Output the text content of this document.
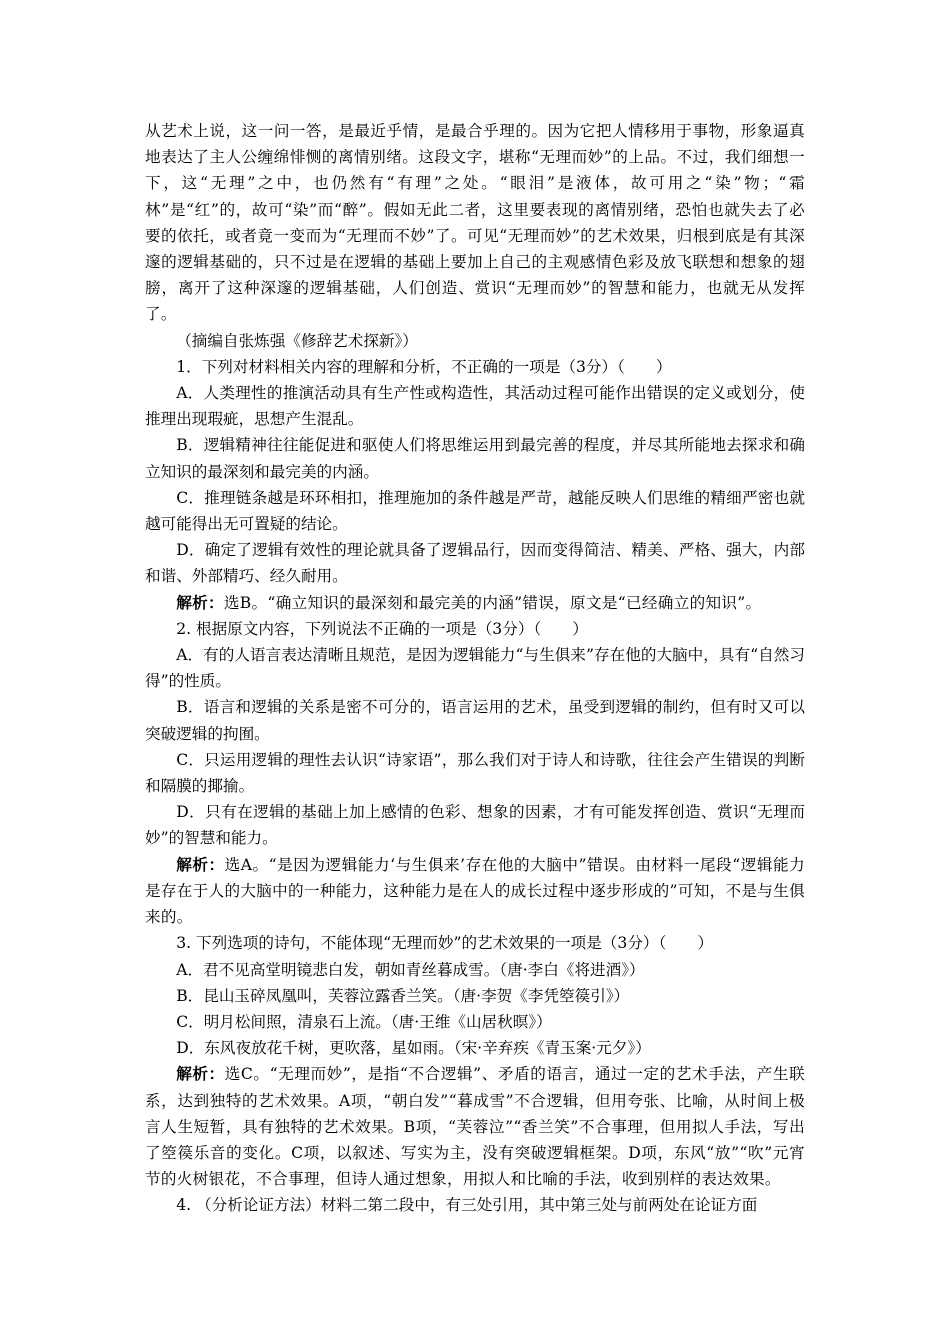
从艺术上说，这一问一答，是最近乎情，是最合乎理的。因为它把人情移用于事物，形象逼真地表达了主人公缠绵悱恻的离情别绪。这段文字，堪称“无理而妙”的上品。不过，我们细想一下，这“无理”之中，也仍然有“有理”之处。“眼泪”是液体，故可用之“染”物；“霜林”是“红”的，故可“染”而“醉”。假如无此二者，这里要表现的离情别绪，恐怕也就失去了必要的依托，或者竟一变而为“无理而不妙”了。可见“无理而妙”的艺术效果，归根到底是有其深邃的逻辑基础的，只不过是在逻辑的基础上要加上自己的主观感情色彩及放飞联想和想象的翅膀，离开了这种深邃的逻辑基础，人们创造、赏识“无理而妙”的智慧和能力，也就无从发挥了。

（摘编自张炼强《修辞艺术探新》）

1．下列对材料相关内容的理解和分析，不正确的一项是（3分）（　　）

A．人类理性的推演活动具有生产性或构造性，其活动过程可能作出错误的定义或划分，使推理出现瑕疵，思想产生混乱。

B．逻辑精神往往能促进和驱使人们将思维运用到最完善的程度，并尽其所能地去探求和确立知识的最深刻和最完美的内涵。

C．推理链条越是环环相扣，推理施加的条件越是严苛，越能反映人们思维的精细严密也就越可能得出无可置疑的结论。

D．确定了逻辑有效性的理论就具备了逻辑品行，因而变得简洁、精美、严格、强大，内部和谐、外部精巧、经久耐用。

解析：选B。“确立知识的最深刻和最完美的内涵”错误，原文是“已经确立的知识”。

2. 根据原文内容，下列说法不正确的一项是（3分）（　　）

A．有的人语言表达清晰且规范，是因为逻辑能力“与生俱来”存在他的大脑中，具有“自然习得”的性质。

B．语言和逻辑的关系是密不可分的，语言运用的艺术，虽受到逻辑的制约，但有时又可以突破逻辑的拘囿。

C．只运用逻辑的理性去认识“诗家语”，那么我们对于诗人和诗歌，往往会产生错误的判断和隔膜的揶揄。

D．只有在逻辑的基础上加上感情的色彩、想象的因素，才有可能发挥创造、赏识“无理而妙”的智慧和能力。

解析：选A。“是因为逻辑能力‘与生俱来’存在他的大脑中”错误。由材料一尾段“逻辑能力是存在于人的大脑中的一种能力，这种能力是在人的成长过程中逐步形成的”可知，不是与生俱来的。

3. 下列选项的诗句，不能体现“无理而妙”的艺术效果的一项是（3分）（　　）

A．君不见高堂明镜悲白发，朝如青丝暮成雪。（唐·李白《将进酒》）

B．昆山玉碎凤凰叫，芙蓉泣露香兰笑。（唐·李贺《李凭箜篌引》）

C．明月松间照，清泉石上流。（唐·王维《山居秋暝》）

D．东风夜放花千树，更吹落，星如雨。（宋·辛弃疾《青玉案·元夕》）

解析：选C。“无理而妙”，是指“不合逻辑”、矛盾的语言，通过一定的艺术手法，产生联系，达到独特的艺术效果。A项，“朝白发”“暮成雪”不合逻辑，但用夸张、比喻，从时间上极言人生短暂，具有独特的艺术效果。B项，“芙蓉泣”“香兰笑”不合事理，但用拟人手法，写出了箜篌乐音的变化。C项，以叙述、写实为主，没有突破逻辑框架。D项，东风“放”“吹”元宵节的火树银花，不合事理，但诗人通过想象，用拟人和比喻的手法，收到别样的表达效果。

4. （分析论证方法）材料二第二段中，有三处引用，其中第三处与前两处在论证方面
